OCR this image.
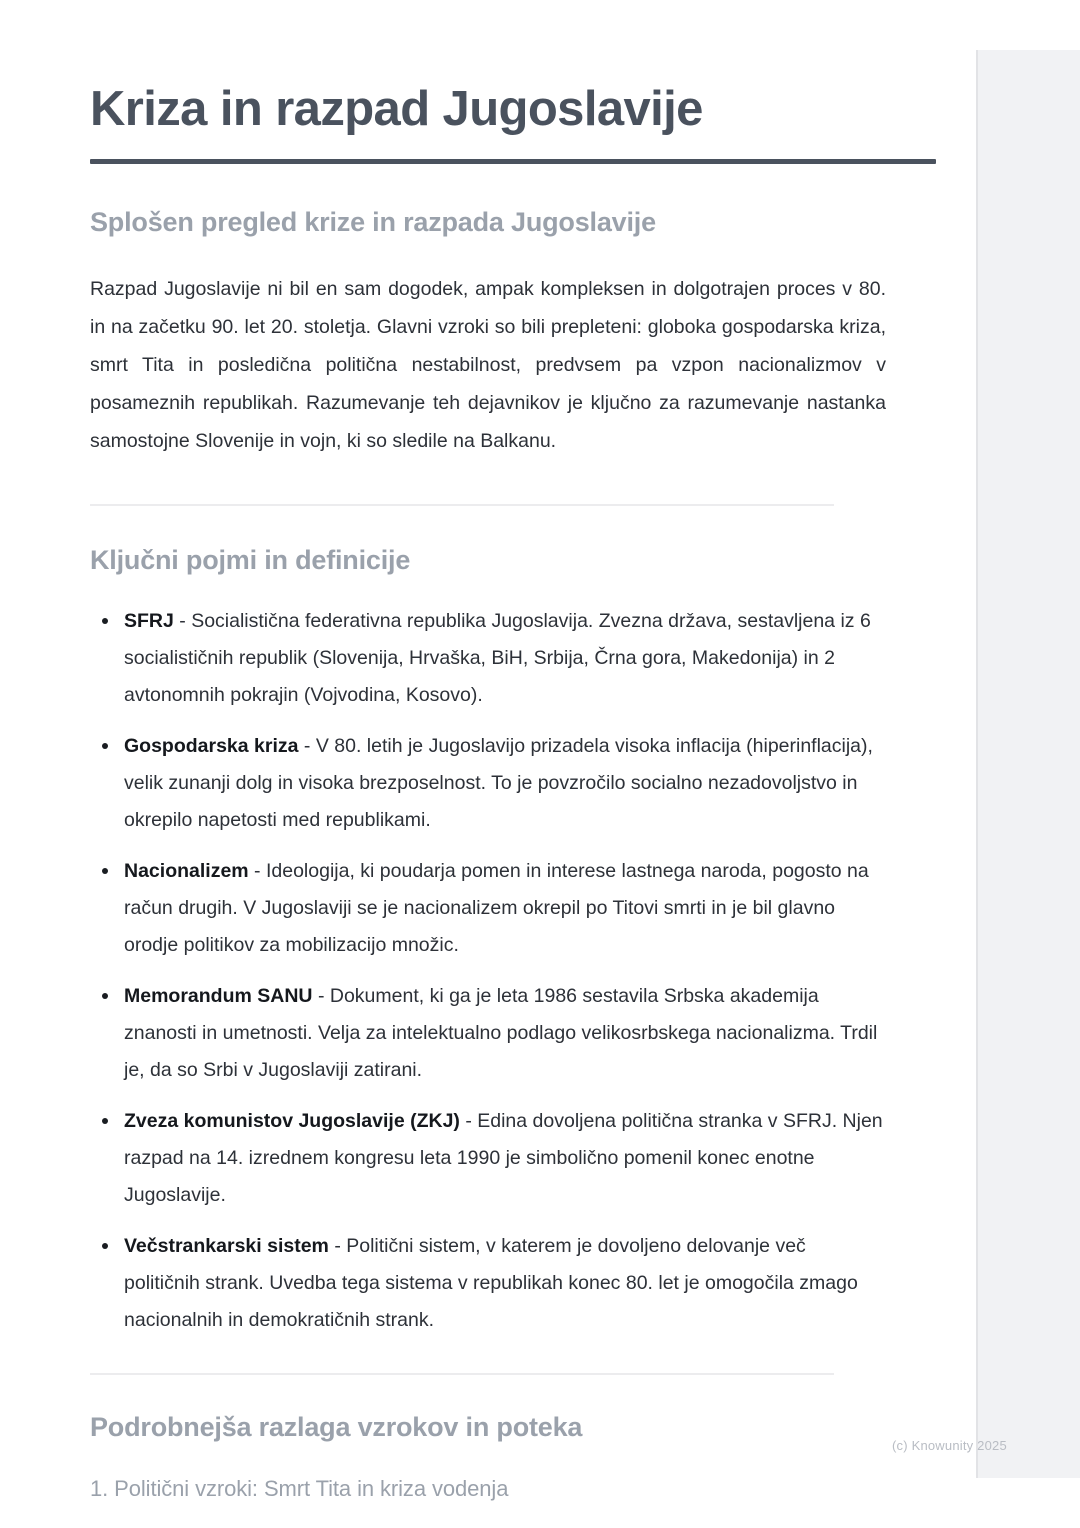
Kriza in razpad Jugoslavije
Splošen pregled krize in razpada Jugoslavije

Razpad Jugoslavije ni bil en sam dogodek, ampak kompleksen in dolgotrajen proces v 80. in na začetku 90. let 20. stoletja. Glavni vzroki so bili prepleteni: globoka gospodarska kriza, smrt Tita in posledična politična nestabilnost, predvsem pa vzpon nacionalizmov v posameznih republikah. Razumevanje teh dejavnikov je ključno za razumevanje nastanka samostojne Slovenije in vojn, ki so sledile na Balkanu.

Ključni pojmi in definicije
SFRJ - Socialistična federativna republika Jugoslavija. Zvezna država, sestavljena iz 6 socialističnih republik (Slovenija, Hrvaška, BiH, Srbija, Črna gora, Makedonija) in 2 avtonomnih pokrajin (Vojvodina, Kosovo).
Gospodarska kriza - V 80. letih je Jugoslavijo prizadela visoka inflacija (hiperinflacija), velik zunanji dolg in visoka brezposelnost. To je povzročilo socialno nezadovoljstvo in okrepilo napetosti med republikami.
Nacionalizem - Ideologija, ki poudarja pomen in interese lastnega naroda, pogosto na račun drugih. V Jugoslaviji se je nacionalizem okrepil po Titovi smrti in je bil glavno orodje politikov za mobilizacijo množic.
Memorandum SANU - Dokument, ki ga je leta 1986 sestavila Srbska akademija znanosti in umetnosti. Velja za intelektualno podlago velikosrbskega nacionalizma. Trdil je, da so Srbi v Jugoslaviji zatirani.
Zveza komunistov Jugoslavije (ZKJ) - Edina dovoljena politična stranka v SFRJ. Njen razpad na 14. izrednem kongresu leta 1990 je simbolično pomenil konec enotne Jugoslavije.
Večstrankarski sistem - Politični sistem, v katerem je dovoljeno delovanje več političnih strank. Uvedba tega sistema v republikah konec 80. let je omogočila zmago nacionalnih in demokratičnih strank.
Podrobnejša razlaga vzrokov in poteka
1. Politični vzroki: Smrt Tita in kriza vodenja
(c) Knowunity 2025
